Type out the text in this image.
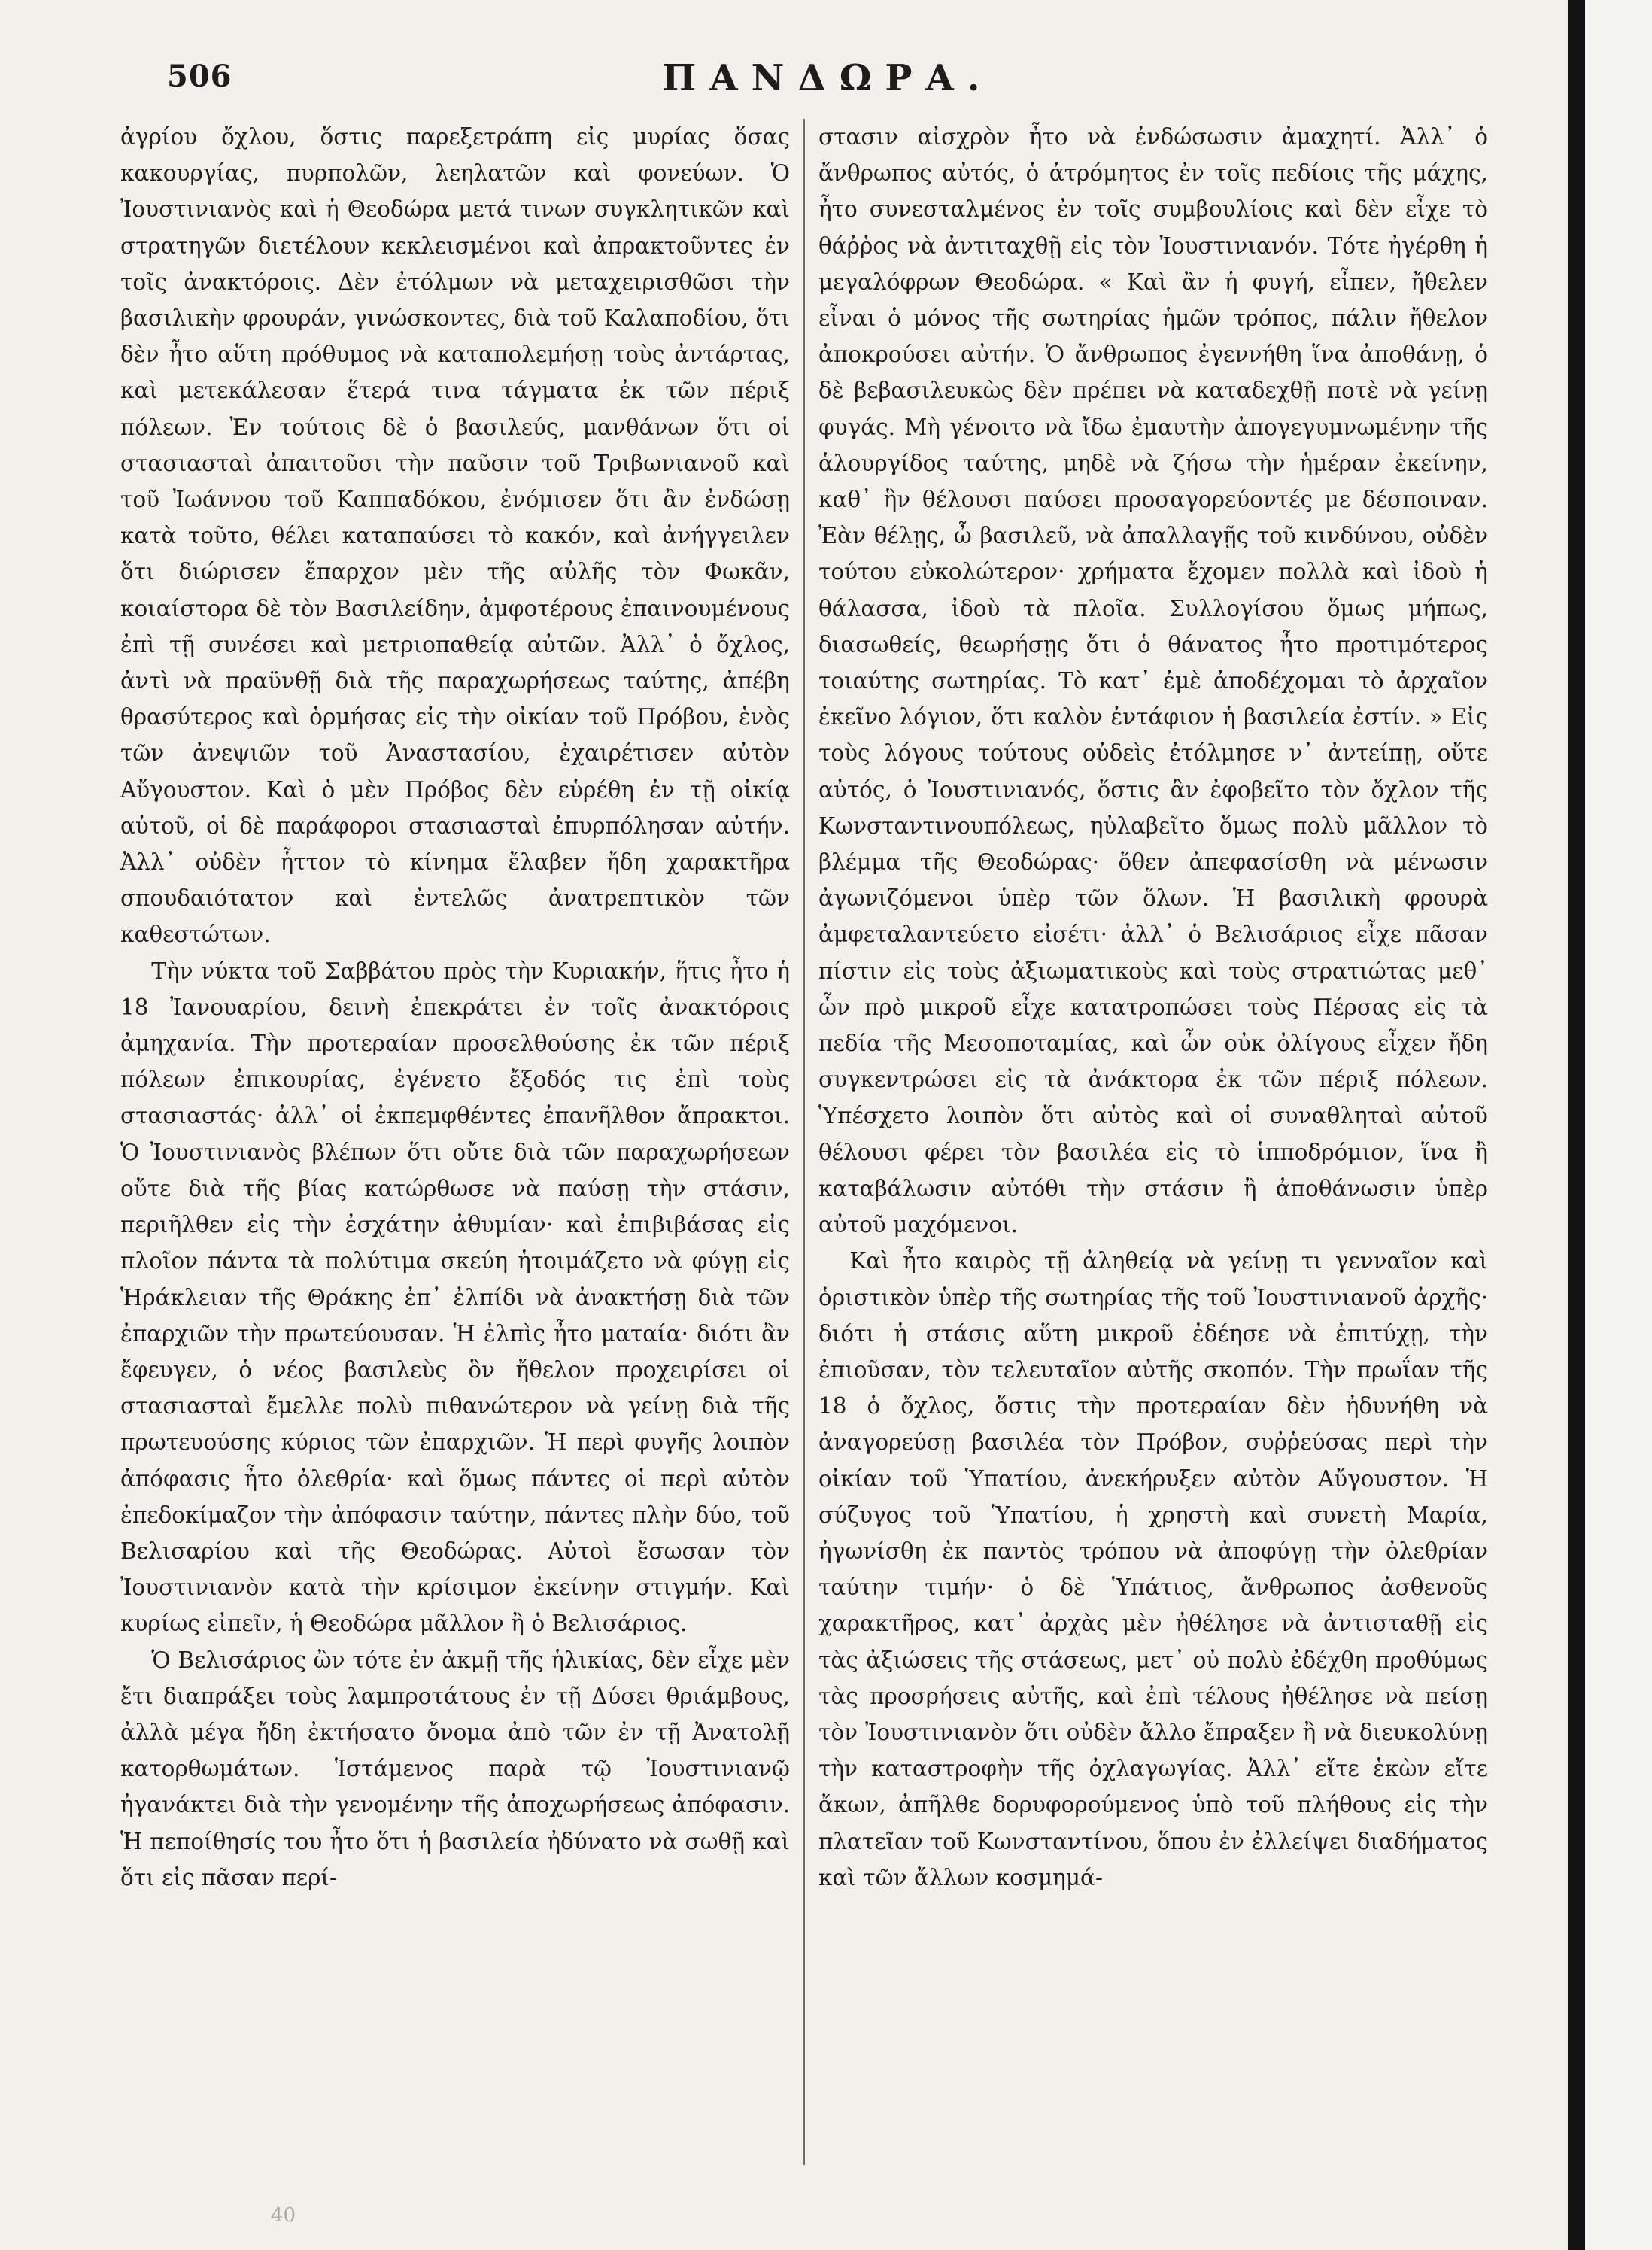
506	ΠΑΝΔΩΡΑ.

ἀγρίου ὄχλου, ὅστις παρεξετράπη εἰς μυρίας ὅσας κακουργίας, πυρπολῶν, λεηλατῶν καὶ φονεύων. Ὁ Ἰουστινιανὸς καὶ ἡ Θεοδώρα μετά τινων συγκλητικῶν καὶ στρατηγῶν διετέλουν κεκλεισμένοι καὶ ἀπρακτοῦντες ἐν τοῖς ἀνακτόροις. Δὲν ἐτόλμων νὰ μεταχειρισθῶσι τὴν βασιλικὴν φρουράν, γινώσκοντες, διὰ τοῦ Καλαποδίου, ὅτι δὲν ἦτο αὕτη πρόθυμος νὰ καταπολεμήσῃ τοὺς ἀντάρτας, καὶ μετεκάλεσαν ἕτερά τινα τάγματα ἐκ τῶν πέριξ πόλεων. Ἐν τούτοις δὲ ὁ βασιλεύς, μανθάνων ὅτι οἱ στασιασταὶ ἀπαιτοῦσι τὴν παῦσιν τοῦ Τριβωνιανοῦ καὶ τοῦ Ἰωάννου τοῦ Καππαδόκου, ἐνόμισεν ὅτι ἂν ἐνδώσῃ κατὰ τοῦτο, θέλει καταπαύσει τὸ κακόν, καὶ ἀνήγγειλεν ὅτι διώρισεν ἔπαρχον μὲν τῆς αὐλῆς τὸν Φωκᾶν, κοιαίστορα δὲ τὸν Βασιλείδην, ἀμφοτέρους ἐπαινουμένους ἐπὶ τῇ συνέσει καὶ μετριοπαθείᾳ αὐτῶν. Ἀλλ᾽ ὁ ὄχλος, ἀντὶ νὰ πραϋνθῇ διὰ τῆς παραχωρήσεως ταύτης, ἀπέβη θρασύτερος καὶ ὁρμήσας εἰς τὴν οἰκίαν τοῦ Πρόβου, ἑνὸς τῶν ἀνεψιῶν τοῦ Ἀναστασίου, ἐχαιρέτισεν αὐτὸν Αὔγουστον. Καὶ ὁ μὲν Πρόβος δὲν εὑρέθη ἐν τῇ οἰκίᾳ αὐτοῦ, οἱ δὲ παράφοροι στασιασταὶ ἐπυρπόλησαν αὐτήν. Ἀλλ᾽ οὐδὲν ἧττον τὸ κίνημα ἔλαβεν ἤδη χαρακτῆρα σπουδαιότατον καὶ ἐντελῶς ἀνατρεπτικὸν τῶν καθεστώτων.

Τὴν νύκτα τοῦ Σαββάτου πρὸς τὴν Κυριακήν, ἥτις ἦτο ἡ 18 Ἰανουαρίου, δεινὴ ἐπεκράτει ἐν τοῖς ἀνακτόροις ἀμηχανία. Τὴν προτεραίαν προσελθούσης ἐκ τῶν πέριξ πόλεων ἐπικουρίας, ἐγένετο ἔξοδός τις ἐπὶ τοὺς στασιαστάς· ἀλλ᾽ οἱ ἐκπεμφθέντες ἐπανῆλθον ἄπρακτοι. Ὁ Ἰουστινιανὸς βλέπων ὅτι οὔτε διὰ τῶν παραχωρήσεων οὔτε διὰ τῆς βίας κατώρθωσε νὰ παύσῃ τὴν στάσιν, περιῆλθεν εἰς τὴν ἐσχάτην ἀθυμίαν· καὶ ἐπιβιβάσας εἰς πλοῖον πάντα τὰ πολύτιμα σκεύη ἡτοιμάζετο νὰ φύγῃ εἰς Ἡράκλειαν τῆς Θράκης ἐπ᾽ ἐλπίδι νὰ ἀνακτήσῃ διὰ τῶν ἐπαρχιῶν τὴν πρωτεύουσαν. Ἡ ἐλπὶς ἦτο ματαία· διότι ἂν ἔφευγεν, ὁ νέος βασιλεὺς ὃν ἤθελον προχειρίσει οἱ στασιασταὶ ἔμελλε πολὺ πιθανώτερον νὰ γείνῃ διὰ τῆς πρωτευούσης κύριος τῶν ἐπαρχιῶν. Ἡ περὶ φυγῆς λοιπὸν ἀπόφασις ἦτο ὀλεθρία· καὶ ὅμως πάντες οἱ περὶ αὐτὸν ἐπεδοκίμαζον τὴν ἀπόφασιν ταύτην, πάντες πλὴν δύο, τοῦ Βελισαρίου καὶ τῆς Θεοδώρας. Αὐτοὶ ἔσωσαν τὸν Ἰουστινιανὸν κατὰ τὴν κρίσιμον ἐκείνην στιγμήν. Καὶ κυρίως εἰπεῖν, ἡ Θεοδώρα μᾶλλον ἢ ὁ Βελισάριος.

Ὁ Βελισάριος ὢν τότε ἐν ἀκμῇ τῆς ἡλικίας, δὲν εἶχε μὲν ἔτι διαπράξει τοὺς λαμπροτάτους ἐν τῇ Δύσει θριάμβους, ἀλλὰ μέγα ἤδη ἐκτήσατο ὄνομα ἀπὸ τῶν ἐν τῇ Ἀνατολῇ κατορθωμάτων. Ἱστάμενος παρὰ τῷ Ἰουστινιανῷ ἠγανάκτει διὰ τὴν γενομένην τῆς ἀποχωρήσεως ἀπόφασιν. Ἡ πεποίθησίς του ἦτο ὅτι ἡ βασιλεία ἠδύνατο νὰ σωθῇ καὶ ὅτι εἰς πᾶσαν περί-

στασιν αἰσχρὸν ἦτο νὰ ἐνδώσωσιν ἀμαχητί. Ἀλλ᾽ ὁ ἄνθρωπος αὐτός, ὁ ἀτρόμητος ἐν τοῖς πεδίοις τῆς μάχης, ἦτο συνεσταλμένος ἐν τοῖς συμβουλίοις καὶ δὲν εἶχε τὸ θάῤῥος νὰ ἀντιταχθῇ εἰς τὸν Ἰουστινιανόν. Τότε ἠγέρθη ἡ μεγαλόφρων Θεοδώρα. « Καὶ ἂν ἡ φυγή, εἶπεν, ἤθελεν εἶναι ὁ μόνος τῆς σωτηρίας ἡμῶν τρόπος, πάλιν ἤθελον ἀποκρούσει αὐτήν. Ὁ ἄνθρωπος ἐγεννήθη ἵνα ἀποθάνῃ, ὁ δὲ βεβασιλευκὼς δὲν πρέπει νὰ καταδεχθῇ ποτὲ νὰ γείνῃ φυγάς. Μὴ γένοιτο νὰ ἴδω ἐμαυτὴν ἀπογεγυμνωμένην τῆς ἁλουργίδος ταύτης, μηδὲ νὰ ζήσω τὴν ἡμέραν ἐκείνην, καθ᾽ ἣν θέλουσι παύσει προσαγορεύοντές με δέσποιναν. Ἐὰν θέλῃς, ὦ βασιλεῦ, νὰ ἀπαλλαγῇς τοῦ κινδύνου, οὐδὲν τούτου εὐκολώτερον· χρήματα ἔχομεν πολλὰ καὶ ἰδοὺ ἡ θάλασσα, ἰδοὺ τὰ πλοῖα. Συλλογίσου ὅμως μήπως, διασωθείς, θεωρήσῃς ὅτι ὁ θάνατος ἦτο προτιμότερος τοιαύτης σωτηρίας. Τὸ κατ᾽ ἐμὲ ἀποδέχομαι τὸ ἀρχαῖον ἐκεῖνο λόγιον, ὅτι καλὸν ἐντάφιον ἡ βασιλεία ἐστίν. » Εἰς τοὺς λόγους τούτους οὐδεὶς ἐτόλμησε ν᾽ ἀντείπῃ, οὔτε αὐτός, ὁ Ἰουστινιανός, ὅστις ἂν ἐφοβεῖτο τὸν ὄχλον τῆς Κωνσταντινουπόλεως, ηὐλαβεῖτο ὅμως πολὺ μᾶλλον τὸ βλέμμα τῆς Θεοδώρας· ὅθεν ἀπεφασίσθη νὰ μένωσιν ἀγωνιζόμενοι ὑπὲρ τῶν ὅλων. Ἡ βασιλικὴ φρουρὰ ἀμφεταλαντεύετο εἰσέτι· ἀλλ᾽ ὁ Βελισάριος εἶχε πᾶσαν πίστιν εἰς τοὺς ἀξιωματικοὺς καὶ τοὺς στρατιώτας μεθ᾽ ὧν πρὸ μικροῦ εἶχε κατατροπώσει τοὺς Πέρσας εἰς τὰ πεδία τῆς Μεσοποταμίας, καὶ ὧν οὐκ ὀλίγους εἶχεν ἤδη συγκεντρώσει εἰς τὰ ἀνάκτορα ἐκ τῶν πέριξ πόλεων. Ὑπέσχετο λοιπὸν ὅτι αὐτὸς καὶ οἱ συναθληταὶ αὐτοῦ θέλουσι φέρει τὸν βασιλέα εἰς τὸ ἱπποδρόμιον, ἵνα ἢ καταβάλωσιν αὐτόθι τὴν στάσιν ἢ ἀποθάνωσιν ὑπὲρ αὐτοῦ μαχόμενοι.

Καὶ ἦτο καιρὸς τῇ ἀληθείᾳ νὰ γείνῃ τι γενναῖον καὶ ὁριστικὸν ὑπὲρ τῆς σωτηρίας τῆς τοῦ Ἰουστινιανοῦ ἀρχῆς· διότι ἡ στάσις αὕτη μικροῦ ἐδέησε νὰ ἐπιτύχῃ, τὴν ἐπιοῦσαν, τὸν τελευταῖον αὐτῆς σκοπόν. Τὴν πρωΐαν τῆς 18 ὁ ὄχλος, ὅστις τὴν προτεραίαν δὲν ἠδυνήθη νὰ ἀναγορεύσῃ βασιλέα τὸν Πρόβον, συῤῥεύσας περὶ τὴν οἰκίαν τοῦ Ὑπατίου, ἀνεκήρυξεν αὐτὸν Αὔγουστον. Ἡ σύζυγος τοῦ Ὑπατίου, ἡ χρηστὴ καὶ συνετὴ Μαρία, ἠγωνίσθη ἐκ παντὸς τρόπου νὰ ἀποφύγῃ τὴν ὀλεθρίαν ταύτην τιμήν· ὁ δὲ Ὑπάτιος, ἄνθρωπος ἀσθενοῦς χαρακτῆρος, κατ᾽ ἀρχὰς μὲν ἠθέλησε νὰ ἀντισταθῇ εἰς τὰς ἀξιώσεις τῆς στάσεως, μετ᾽ οὐ πολὺ ἐδέχθη προθύμως τὰς προσρήσεις αὐτῆς, καὶ ἐπὶ τέλους ἠθέλησε νὰ πείσῃ τὸν Ἰουστινιανὸν ὅτι οὐδὲν ἄλλο ἔπραξεν ἢ νὰ διευκολύνῃ τὴν καταστροφὴν τῆς ὀχλαγωγίας. Ἀλλ᾽ εἴτε ἑκὼν εἴτε ἄκων, ἀπῆλθε δορυφορούμενος ὑπὸ τοῦ πλήθους εἰς τὴν πλατεῖαν τοῦ Κωνσταντίνου, ὅπου ἐν ἐλλείψει διαδήματος καὶ τῶν ἄλλων κοσμημά-

40
